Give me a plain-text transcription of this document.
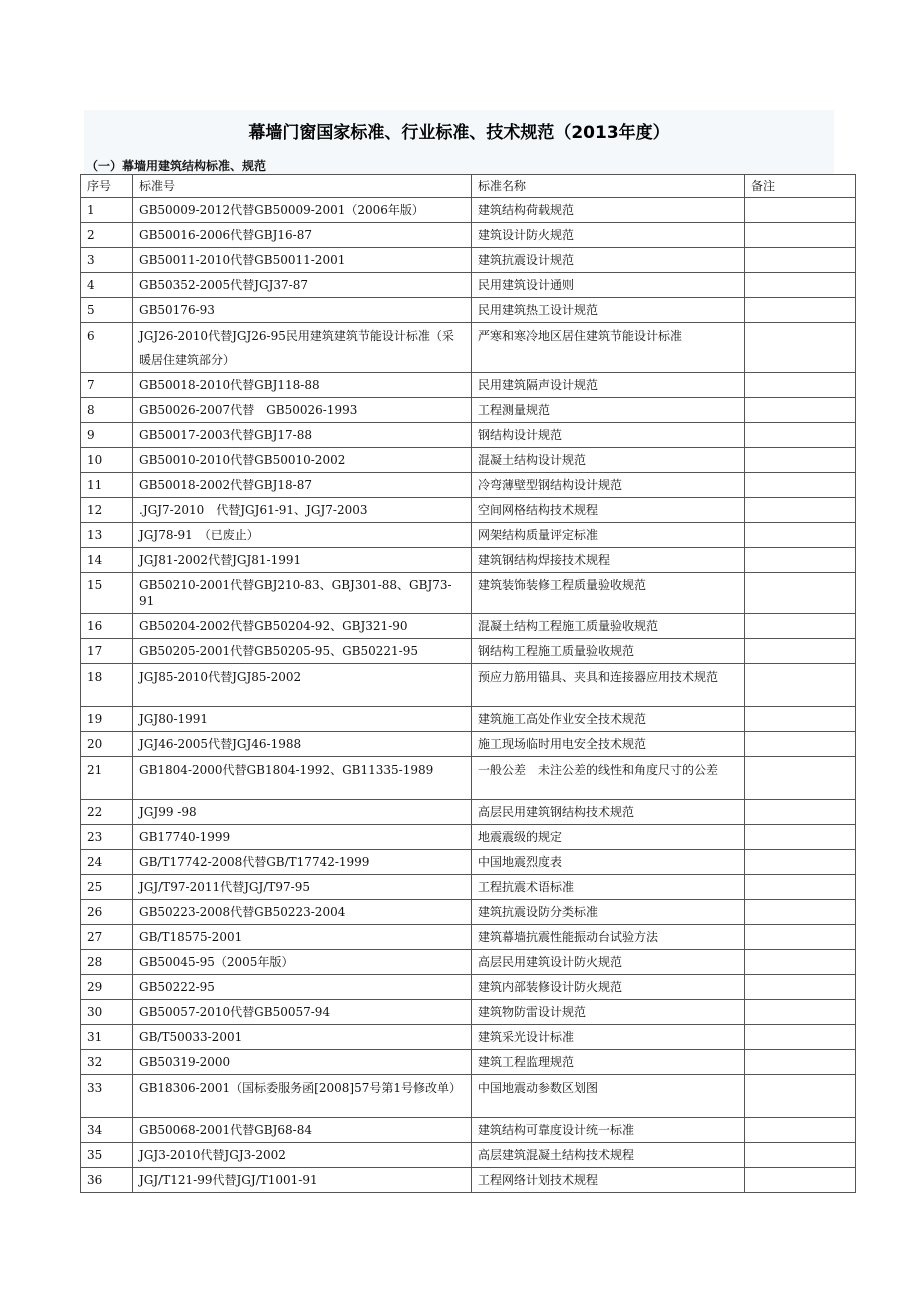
幕墙门窗国家标准、行业标准、技术规范（2013年度）
（一）幕墙用建筑结构标准、规范
序号	标准号	标准名称	备注
1	GB50009-2012代替GB50009-2001（2006年版）	建筑结构荷载规范	
2	GB50016-2006代替GBJ16-87	建筑设计防火规范	
3	GB50011-2010代替GB50011-2001	建筑抗震设计规范	
4	GB50352-2005代替JGJ37-87	民用建筑设计通则	
5	GB50176-93	民用建筑热工设计规范	
6	JGJ26-2010代替JGJ26-95民用建筑建筑节能设计标准（采暖居住建筑部分）	严寒和寒冷地区居住建筑节能设计标准	
7	GB50018-2010代替GBJ118-88	民用建筑隔声设计规范	
8	GB50026-2007代替　GB50026-1993	工程测量规范	
9	GB50017-2003代替GBJ17-88	钢结构设计规范	
10	GB50010-2010代替GB50010-2002	混凝土结构设计规范	
11	GB50018-2002代替GBJ18-87	冷弯薄壁型钢结构设计规范	
12	.JGJ7-2010　代替JGJ61-91、JGJ7-2003	空间网格结构技术规程	
13	JGJ78-91　（已废止）	网架结构质量评定标准	
14	JGJ81-2002代替JGJ81-1991	建筑钢结构焊接技术规程	
15	GB50210-2001代替GBJ210-83、GBJ301-88、GBJ73-91	建筑装饰装修工程质量验收规范	
16	GB50204-2002代替GB50204-92、GBJ321-90	混凝土结构工程施工质量验收规范	
17	GB50205-2001代替GB50205-95、GB50221-95	钢结构工程施工质量验收规范	
18	JGJ85-2010代替JGJ85-2002	预应力筋用锚具、夹具和连接器应用技术规范	
19	JGJ80-1991	建筑施工高处作业安全技术规范	
20	JGJ46-2005代替JGJ46-1988	施工现场临时用电安全技术规范	
21	GB1804-2000代替GB1804-1992、GB11335-1989	一般公差　未注公差的线性和角度尺寸的公差	
22	JGJ99 -98	高层民用建筑钢结构技术规范	
23	GB17740-1999	地震震级的规定	
24	GB/T17742-2008代替GB/T17742-1999	中国地震烈度表	
25	JGJ/T97-2011代替JGJ/T97-95	工程抗震术语标准	
26	GB50223-2008代替GB50223-2004	建筑抗震设防分类标准	
27	GB/T18575-2001	建筑幕墙抗震性能振动台试验方法	
28	GB50045-95（2005年版）	高层民用建筑设计防火规范	
29	GB50222-95	建筑内部装修设计防火规范	
30	GB50057-2010代替GB50057-94	建筑物防雷设计规范	
31	GB/T50033-2001	建筑采光设计标准	
32	GB50319-2000	建筑工程监理规范	
33	GB18306-2001（国标委服务函[2008]57号第1号修改单）	中国地震动参数区划图	
34	GB50068-2001代替GBJ68-84	建筑结构可靠度设计统一标准	
35	JGJ3-2010代替JGJ3-2002	高层建筑混凝土结构技术规程	
36	JGJ/T121-99代替JGJ/T1001-91	工程网络计划技术规程	
